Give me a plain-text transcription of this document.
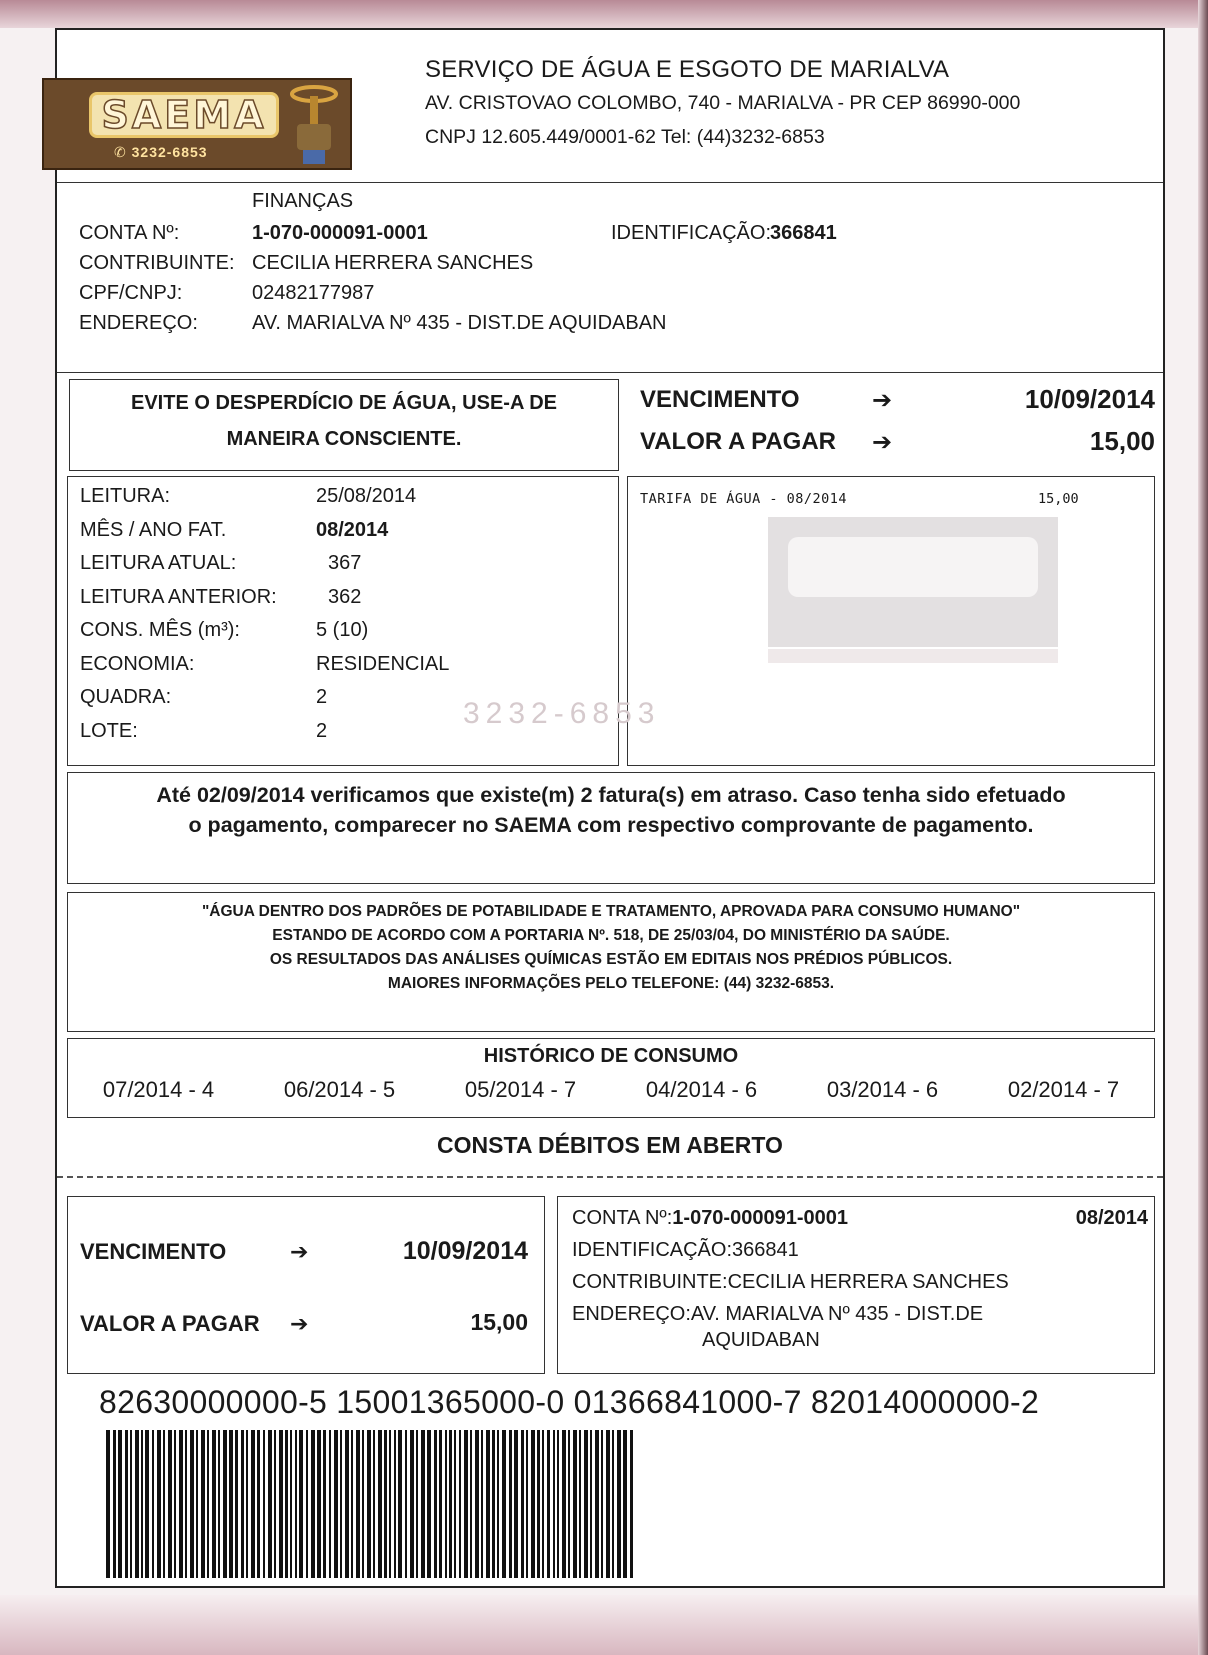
SAEMA
✆ 3232-6853
SERVIÇO DE ÁGUA E ESGOTO DE MARIALVA
AV. CRISTOVAO COLOMBO, 740 - MARIALVA - PR CEP 86990-000
CNPJ 12.605.449/0001-62 Tel: (44)3232-6853
FINANÇAS
CONTA Nº:	1-070-000091-0001	IDENTIFICAÇÃO:
366841
CONTRIBUINTE: CECILIA HERRERA SANCHES
CPF/CNPJ:	02482177987
ENDEREÇO:	AV. MARIALVA Nº 435 - DIST.DE AQUIDABAN
EVITE O DESPERDÍCIO DE ÁGUA, USE-A DE
MANEIRA CONSCIENTE.
VENCIMENTO	➔	10/09/2014
VALOR A PAGAR ➔	15,00
LEITURA:	25/08/2014
MÊS / ANO FAT.	08/2014
LEITURA ATUAL:	367
LEITURA ANTERIOR:	362
CONS. MÊS (m³):	5 (10)
ECONOMIA:	RESIDENCIAL
QUADRA:	2
LOTE:	2
TARIFA DE ÁGUA - 08/2014	15,00
3232-6853
Até 02/09/2014 verificamos que existe(m) 2 fatura(s) em atraso. Caso tenha sido efetuado
o pagamento, comparecer no SAEMA com respectivo comprovante de pagamento.
"ÁGUA DENTRO DOS PADRÕES DE POTABILIDADE E TRATAMENTO, APROVADA PARA CONSUMO HUMANO"
ESTANDO DE ACORDO COM A PORTARIA Nº. 518, DE 25/03/04, DO MINISTÉRIO DA SAÚDE.
OS RESULTADOS DAS ANÁLISES QUÍMICAS ESTÃO EM EDITAIS NOS PRÉDIOS PÚBLICOS.
MAIORES INFORMAÇÕES PELO TELEFONE: (44) 3232-6853.
HISTÓRICO DE CONSUMO
07/2014 - 4	06/2014 - 5	05/2014 - 7	04/2014 - 6	03/2014 - 6	02/2014 - 7
CONSTA DÉBITOS EM ABERTO
VENCIMENTO	➔	10/09/2014
VALOR A PAGAR ➔	15,00
CONTA Nº:1-070-000091-0001	08/2014
IDENTIFICAÇÃO:366841
CONTRIBUINTE:CECILIA HERRERA SANCHES
ENDEREÇO:AV. MARIALVA Nº 435 - DIST.DE
AQUIDABAN
82630000000-5 15001365000-0 01366841000-7 82014000000-2
